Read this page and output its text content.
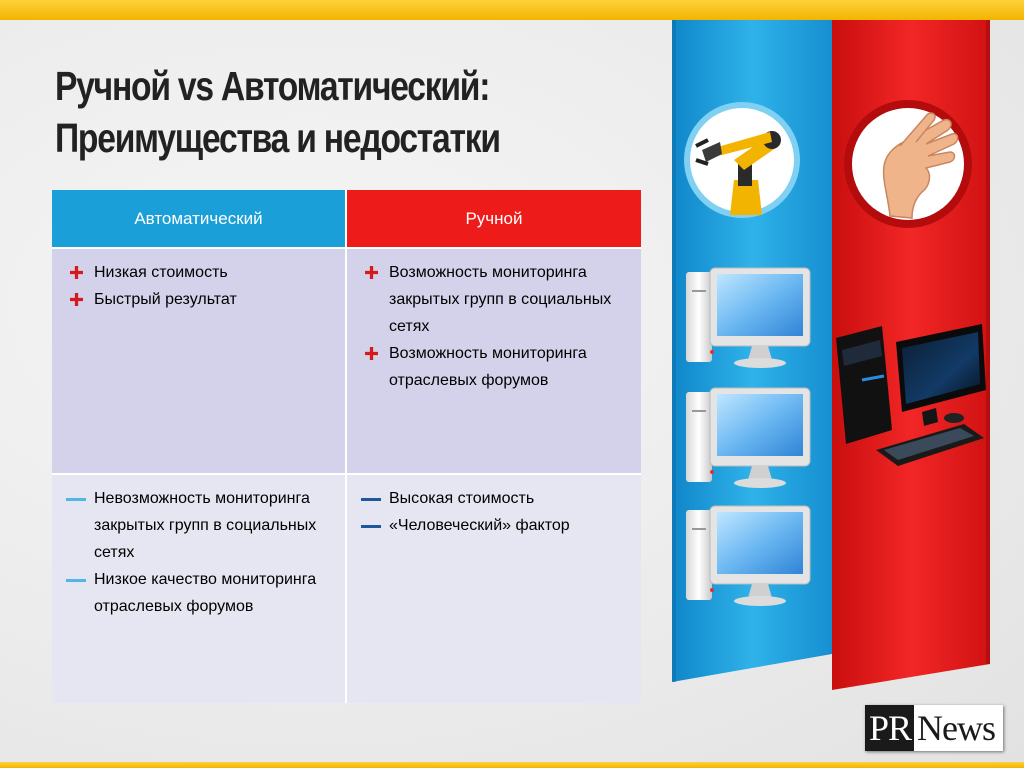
Ручной vs Автоматический:
Преимущества и недостатки
Автоматический	Ручной
Низкая стоимость
Быстрый результат
Возможность мониторинга закрытых групп в социальных сетях
Возможность мониторинга отраслевых форумов
Невозможность мониторинга закрытых групп в социальных сетях
Низкое качество мониторинга отраслевых форумов
Высокая стоимость
«Человеческий» фактор
PR News
